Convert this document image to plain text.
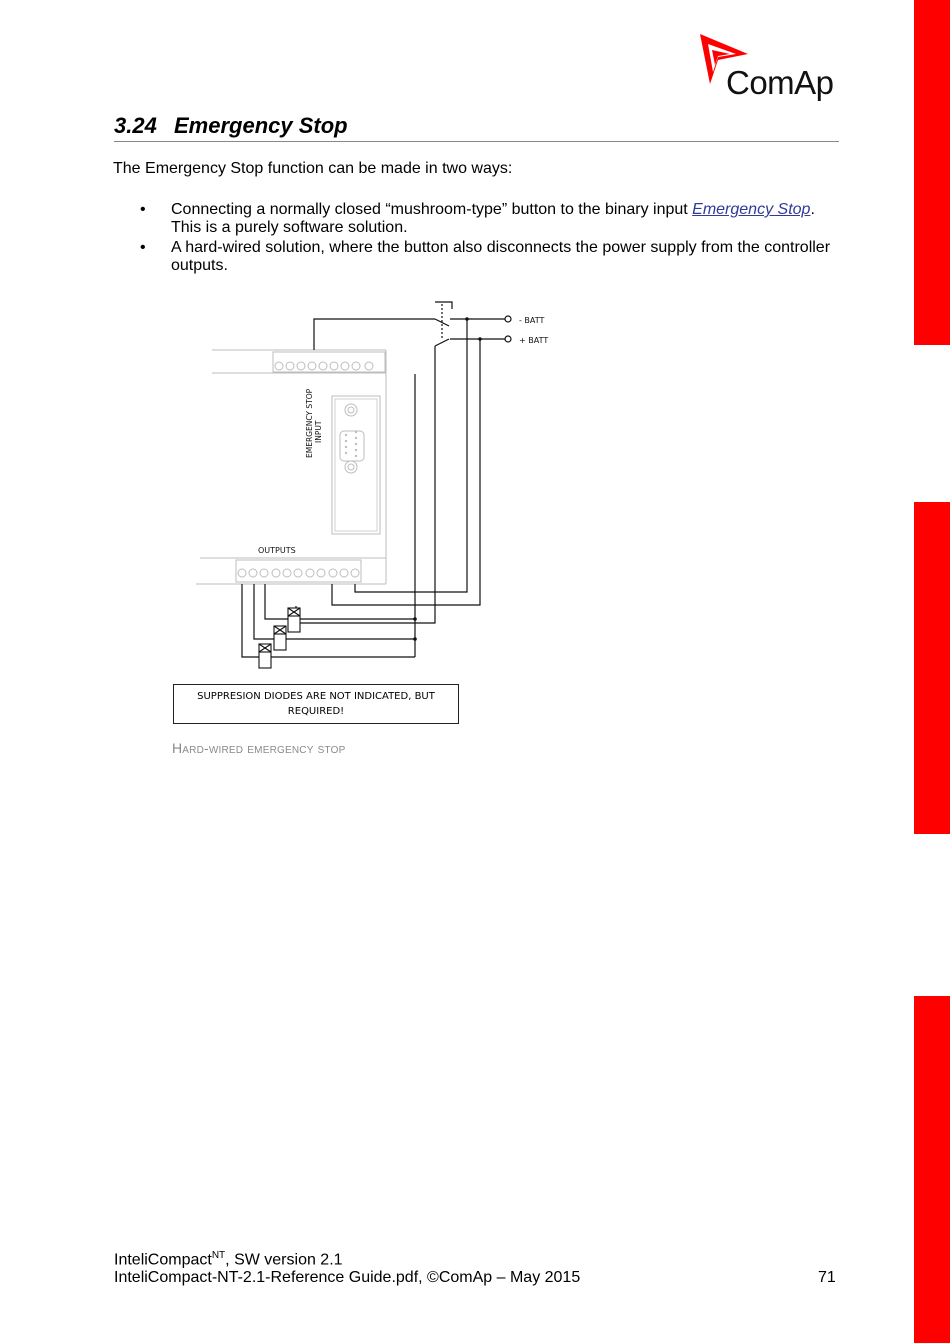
ComAp
3.24 Emergency Stop

The Emergency Stop function can be made in two ways:

• Connecting a normally closed “mushroom-type” button to the binary input Emergency Stop. This is a purely software solution.
• A hard-wired solution, where the button also disconnects the power supply from the controller outputs.
- BATT
+ BATT
OUTPUTS
EMERGENCY STOP INPUT
SUPPRESION DIODES ARE NOT INDICATED, BUT REQUIRED!
Hard-wired emergency stop
InteliCompact$^{NT}$, SW version 2.1
InteliCompact-NT-2.1-Reference Guide.pdf, ©ComAp – May 2015	71
